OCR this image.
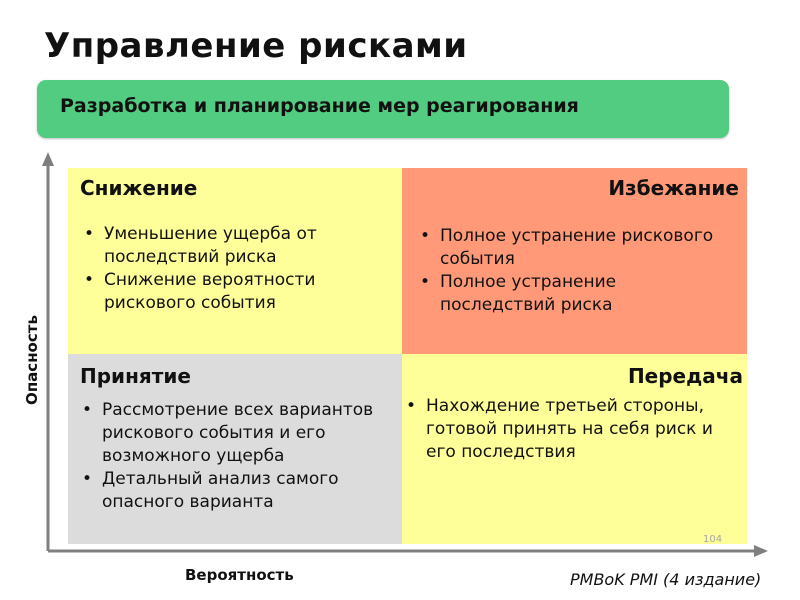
Управление рисками
Разработка и планирование мер реагирования
Снижение
• Уменьшение ущерба от последствий риска
• Снижение вероятности рискового события
Избежание
• Полное устранение рискового события
• Полное устранение последствий риска
Принятие
• Рассмотрение всех вариантов рискового события и его возможного ущерба
• Детальный анализ самого опасного варианта
Передача
• Нахождение третьей стороны, готовой принять на себя риск и его последствия
Опасность
Вероятность
104
PMBoK PMI (4 издание)
